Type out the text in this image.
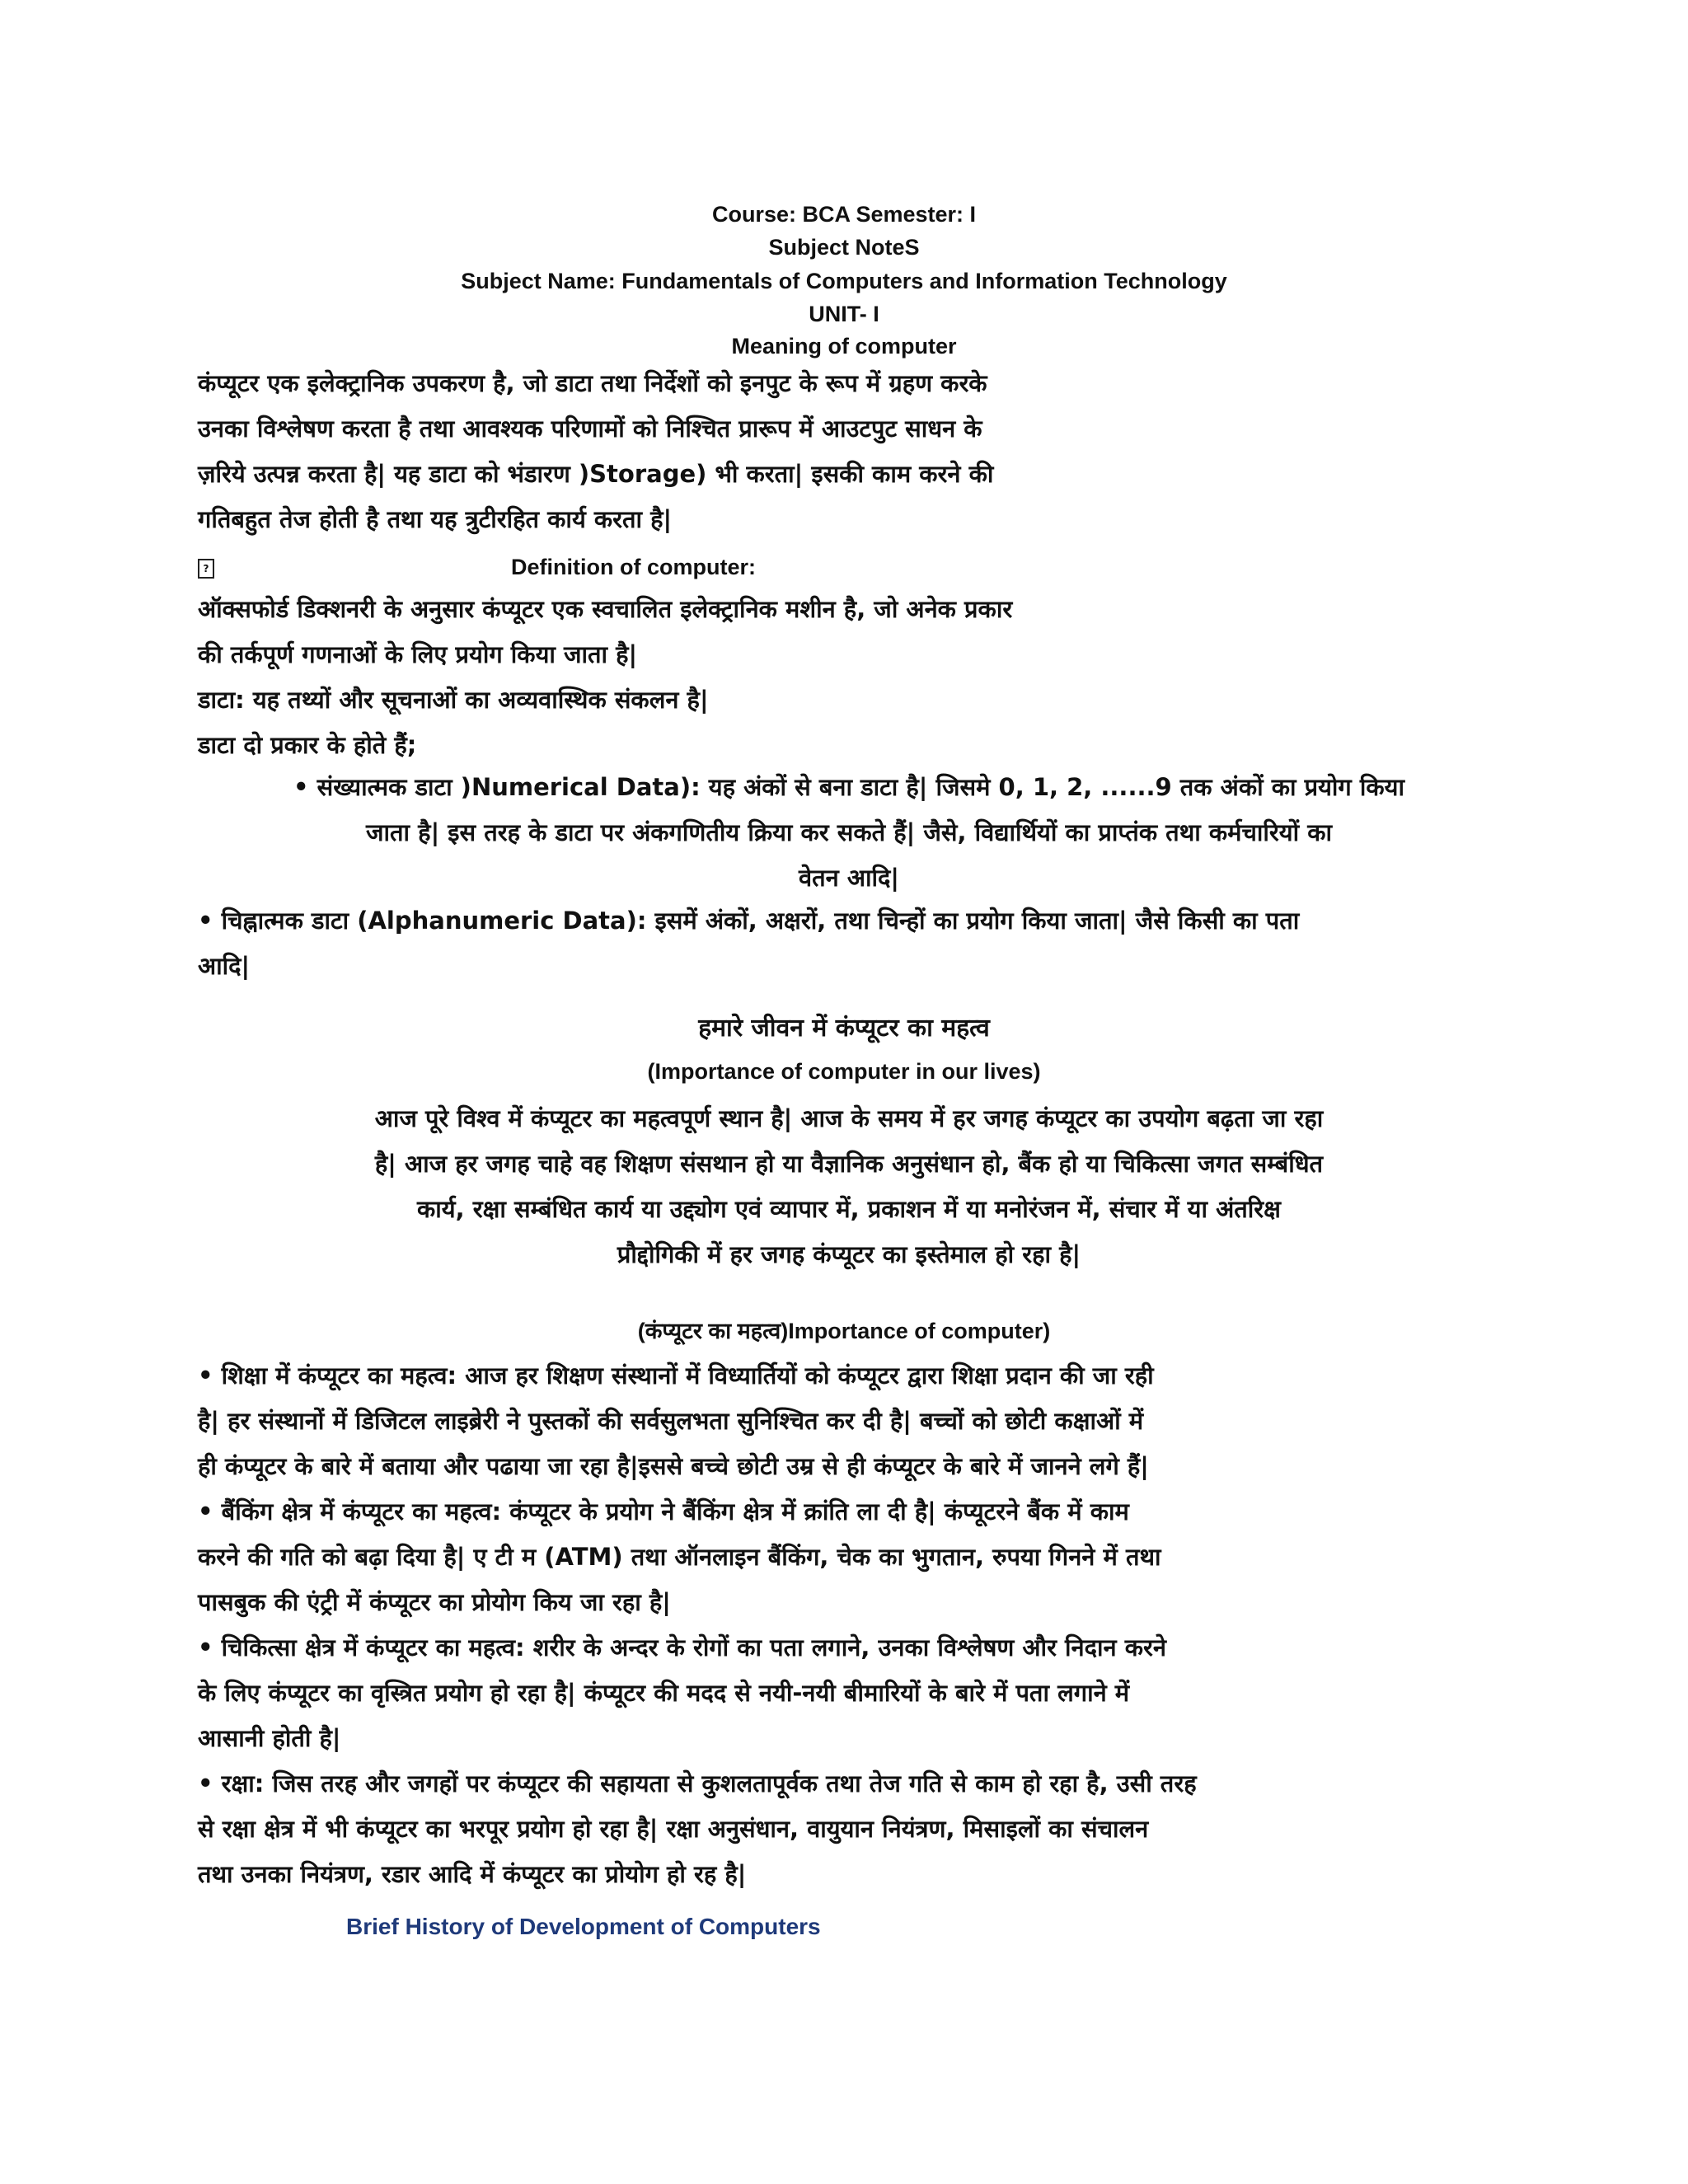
Course: BCA Semester: I
Subject NoteS
Subject Name: Fundamentals of Computers and Information Technology
UNIT- I
Meaning of computer

कंप्यूटर एक इलेक्ट्रानिक उपकरण है, जो डाटा तथा निर्देशों को इनपुट के रूप में ग्रहण करके

उनका विश्लेषण करता है तथा आवश्यक परिणामों को निश्चित प्रारूप में आउटपुट साधन के

ज़रिये उत्पन्न करता है| यह डाटा को भंडारण )Storage) भी करता| इसकी काम करने की

गतिबहुत तेज होती है तथा यह त्रुटीरहित कार्य करता है|

?	Definition of computer:

ऑक्सफोर्ड डिक्शनरी के अनुसार कंप्यूटर एक स्वचालित इलेक्ट्रानिक मशीन है, जो अनेक प्रकार

की तर्कपूर्ण गणनाओं के लिए प्रयोग किया जाता है|

डाटा: यह तथ्यों और सूचनाओं का अव्यवास्थिक संकलन है|

डाटा दो प्रकार के होते हैं;

• संख्यात्मक डाटा )Numerical Data): यह अंकों से बना डाटा है| जिसमे 0, 1, 2, ......9 तक अंकों का प्रयोग किया

जाता है| इस तरह के डाटा पर अंकगणितीय क्रिया कर सकते हैं| जैसे, विद्यार्थियों का प्राप्तंक तथा कर्मचारियों का

वेतन आदि|

• चिह्नात्मक डाटा (Alphanumeric Data): इसमें अंकों, अक्षरों, तथा चिन्हों का प्रयोग किया जाता| जैसे किसी का पता

आदि|

हमारे जीवन में कंप्यूटर का महत्व
(Importance of computer in our lives)

आज पूरे विश्व में कंप्यूटर का महत्वपूर्ण स्थान है| आज के समय में हर जगह कंप्यूटर का उपयोग बढ़ता जा रहा

है| आज हर जगह चाहे वह शिक्षण संसथान हो या वैज्ञानिक अनुसंधान हो, बैंक हो या चिकित्सा जगत सम्बंधित

कार्य, रक्षा सम्बंधित कार्य या उद्द्योग एवं व्यापार में, प्रकाशन में या मनोरंजन में, संचार में या अंतरिक्ष

प्रौद्दोगिकी में हर जगह कंप्यूटर का इस्तेमाल हो रहा है|

(कंप्यूटर का महत्व)Importance of computer)

• शिक्षा में कंप्यूटर का महत्व: आज हर शिक्षण संस्थानों में विध्यार्तियों को कंप्यूटर द्वारा शिक्षा प्रदान की जा रही

है| हर संस्थानों में डिजिटल लाइब्रेरी ने पुस्तकों की सर्वसुलभता सुनिश्चित कर दी है| बच्चों को छोटी कक्षाओं में

ही कंप्यूटर के बारे में बताया और पढाया जा रहा है|इससे बच्चे छोटी उम्र से ही कंप्यूटर के बारे में जानने लगे हैं|

• बैंकिंग क्षेत्र में कंप्यूटर का महत्व: कंप्यूटर के प्रयोग ने बैंकिंग क्षेत्र में क्रांति ला दी है| कंप्यूटरने बैंक में काम

करने की गति को बढ़ा दिया है| ए टी म (ATM) तथा ऑनलाइन बैंकिंग, चेक का भुगतान, रुपया गिनने में तथा

पासबुक की एंट्री में कंप्यूटर का प्रोयोग किय जा रहा है|

• चिकित्सा क्षेत्र में कंप्यूटर का महत्व: शरीर के अन्दर के रोगों का पता लगाने, उनका विश्लेषण और निदान करने

के लिए कंप्यूटर का वृस्त्रित प्रयोग हो रहा है| कंप्यूटर की मदद से नयी-नयी बीमारियों के बारे में पता लगाने में

आसानी होती है|

• रक्षा: जिस तरह और जगहों पर कंप्यूटर की सहायता से कुशलतापूर्वक तथा तेज गति से काम हो रहा है, उसी तरह

से रक्षा क्षेत्र में भी कंप्यूटर का भरपूर प्रयोग हो रहा है| रक्षा अनुसंधान, वायुयान नियंत्रण, मिसाइलों का संचालन

तथा उनका नियंत्रण, रडार आदि में कंप्यूटर का प्रोयोग हो रह है|

Brief History of Development of Computers
